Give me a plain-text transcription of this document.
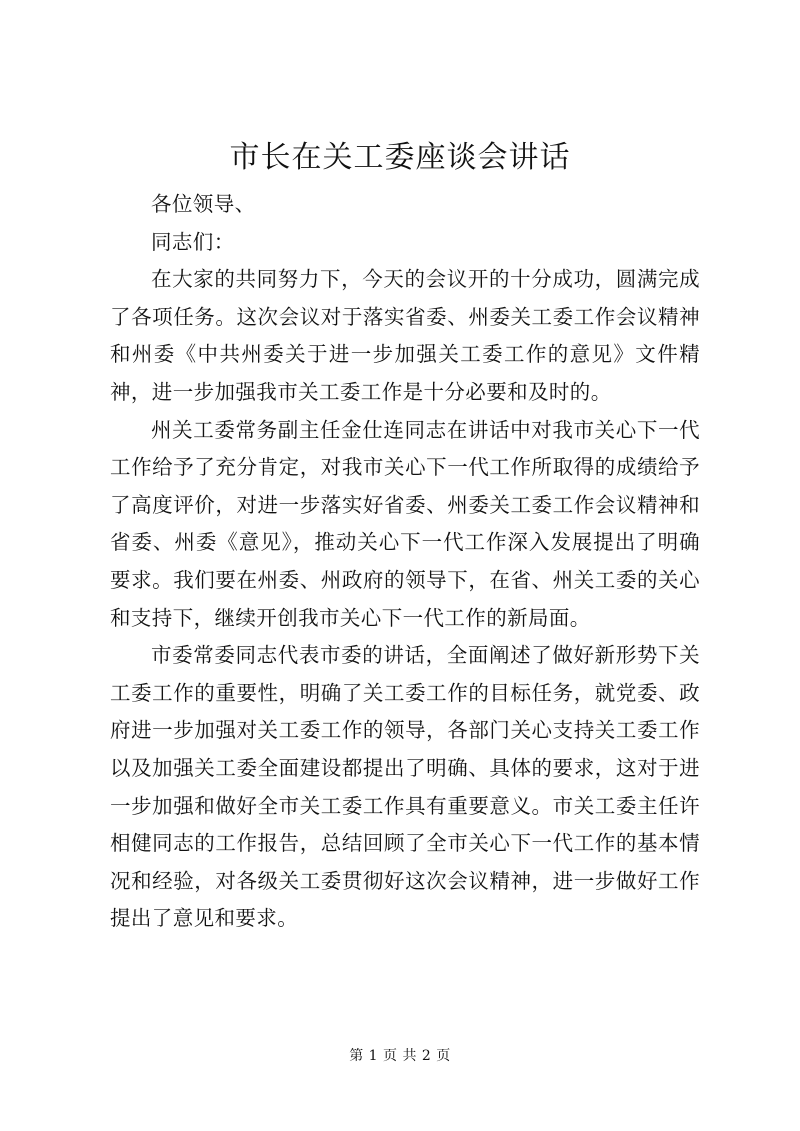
市长在关工委座谈会讲话

各位领导、

同志们：

在大家的共同努力下，今天的会议开的十分成功，圆满完成了各项任务。这次会议对于落实省委、州委关工委工作会议精神和州委《中共州委关于进一步加强关工委工作的意见》文件精神，进一步加强我市关工委工作是十分必要和及时的。

州关工委常务副主任金仕连同志在讲话中对我市关心下一代工作给予了充分肯定，对我市关心下一代工作所取得的成绩给予了高度评价，对进一步落实好省委、州委关工委工作会议精神和省委、州委《意见》，推动关心下一代工作深入发展提出了明确要求。我们要在州委、州政府的领导下，在省、州关工委的关心和支持下，继续开创我市关心下一代工作的新局面。

市委常委同志代表市委的讲话，全面阐述了做好新形势下关工委工作的重要性，明确了关工委工作的目标任务，就党委、政府进一步加强对关工委工作的领导，各部门关心支持关工委工作以及加强关工委全面建设都提出了明确、具体的要求，这对于进一步加强和做好全市关工委工作具有重要意义。市关工委主任许相健同志的工作报告，总结回顾了全市关心下一代工作的基本情况和经验，对各级关工委贯彻好这次会议精神，进一步做好工作提出了意见和要求。

第 1 页 共 2 页
